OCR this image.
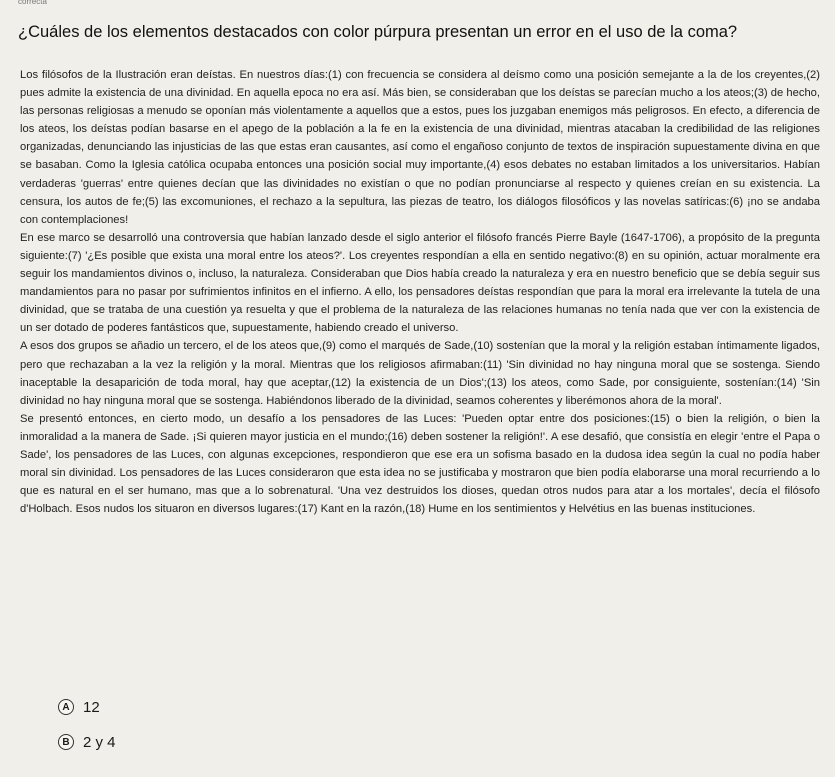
correcta
¿Cuáles de los elementos destacados con color púrpura presentan un error en el uso de la coma?

Los filósofos de la Ilustración eran deístas. En nuestros días:(1) con frecuencia se considera al deísmo como una posición semejante a la de los creyentes,(2) pues admite la existencia de una divinidad. En aquella epoca no era así. Más bien, se consideraban que los deístas se parecían mucho a los ateos;(3) de hecho, las personas religiosas a menudo se oponían más violentamente a aquellos que a estos, pues los juzgaban enemigos más peligrosos. En efecto, a diferencia de los ateos, los deístas podían basarse en el apego de la población a la fe en la existencia de una divinidad, mientras atacaban la credibilidad de las religiones organizadas, denunciando las injusticias de las que estas eran causantes, así como el engañoso conjunto de textos de inspiración supuestamente divina en que se basaban. Como la Iglesia católica ocupaba entonces una posición social muy importante,(4) esos debates no estaban limitados a los universitarios. Habían verdaderas 'guerras' entre quienes decían que las divinidades no existían o que no podían pronunciarse al respecto y quienes creían en su existencia. La censura, los autos de fe;(5) las excomuniones, el rechazo a la sepultura, las piezas de teatro, los diálogos filosóficos y las novelas satíricas:(6) ¡no se andaba con contemplaciones!

En ese marco se desarrolló una controversia que habían lanzado desde el siglo anterior el filósofo francés Pierre Bayle (1647-1706), a propósito de la pregunta siguiente:(7) '¿Es posible que exista una moral entre los ateos?'. Los creyentes respondían a ella en sentido negativo:(8) en su opinión, actuar moralmente era seguir los mandamientos divinos o, incluso, la naturaleza. Consideraban que Dios había creado la naturaleza y era en nuestro beneficio que se debía seguir sus mandamientos para no pasar por sufrimientos infinitos en el infierno. A ello, los pensadores deístas respondían que para la moral era irrelevante la tutela de una divinidad, que se trataba de una cuestión ya resuelta y que el problema de la naturaleza de las relaciones humanas no tenía nada que ver con la existencia de un ser dotado de poderes fantásticos que, supuestamente, habiendo creado el universo.

A esos dos grupos se añadio un tercero, el de los ateos que,(9) como el marqués de Sade,(10) sostenían que la moral y la religión estaban íntimamente ligados, pero que rechazaban a la vez la religión y la moral. Mientras que los religiosos afirmaban:(11) 'Sin divinidad no hay ninguna moral que se sostenga. Siendo inaceptable la desaparición de toda moral, hay que aceptar,(12) la existencia de un Dios';(13) los ateos, como Sade, por consiguiente, sostenían:(14) 'Sin divinidad no hay ninguna moral que se sostenga. Habiéndonos liberado de la divinidad, seamos coherentes y liberémonos ahora de la moral'.

Se presentó entonces, en cierto modo, un desafío a los pensadores de las Luces: 'Pueden optar entre dos posiciones:(15) o bien la religión, o bien la inmoralidad a la manera de Sade. ¡Si quieren mayor justicia en el mundo;(16) deben sostener la religión!'. A ese desafió, que consistía en elegir 'entre el Papa o Sade', los pensadores de las Luces, con algunas excepciones, respondieron que ese era un sofisma basado en la dudosa idea según la cual no podía haber moral sin divinidad. Los pensadores de las Luces consideraron que esta idea no se justificaba y mostraron que bien podía elaborarse una moral recurriendo a lo que es natural en el ser humano, mas que a lo sobrenatural. 'Una vez destruidos los dioses, quedan otros nudos para atar a los mortales', decía el filósofo d'Holbach. Esos nudos los situaron en diversos lugares:(17) Kant en la razón,(18) Hume en los sentimientos y Helvétius en las buenas instituciones.

A 12
B 2 y 4
